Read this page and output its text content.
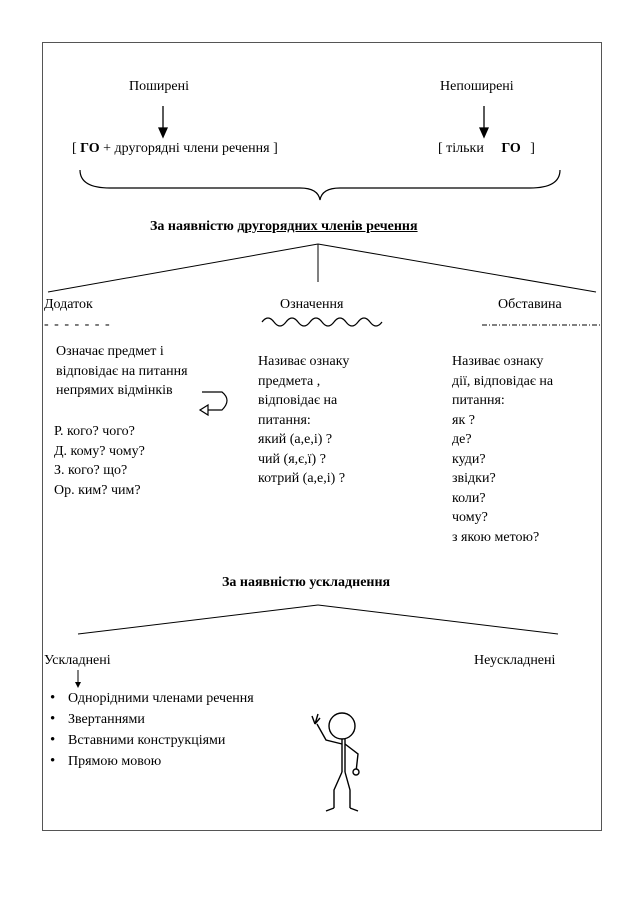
Поширені	Непоширені
[ ГО + другорядні члени речення ]	[ тільки ГО ]
За наявністю другорядних членів речення
Додаток
- - - - - - -
Означення	Обставина
Означає предмет і
відповідає на питання
непрямих відмінків
Р. кого? чого?
Д. кому? чому?
З. кого? що?
Ор. ким? чим?
Називає ознаку
предмета ,
відповідає на
питання:
який (а,е,і) ?
чий (я,є,ї) ?
котрий (а,е,і) ?
Називає ознаку
дії, відповідає на
питання:
як ?
де?
куди?
звідки?
коли?
чому?
з якою метою?
За наявністю ускладнення
Ускладнені	Неускладнені
• Однорідними членами речення
• Звертаннями
• Вставними конструкціями
• Прямою мовою
